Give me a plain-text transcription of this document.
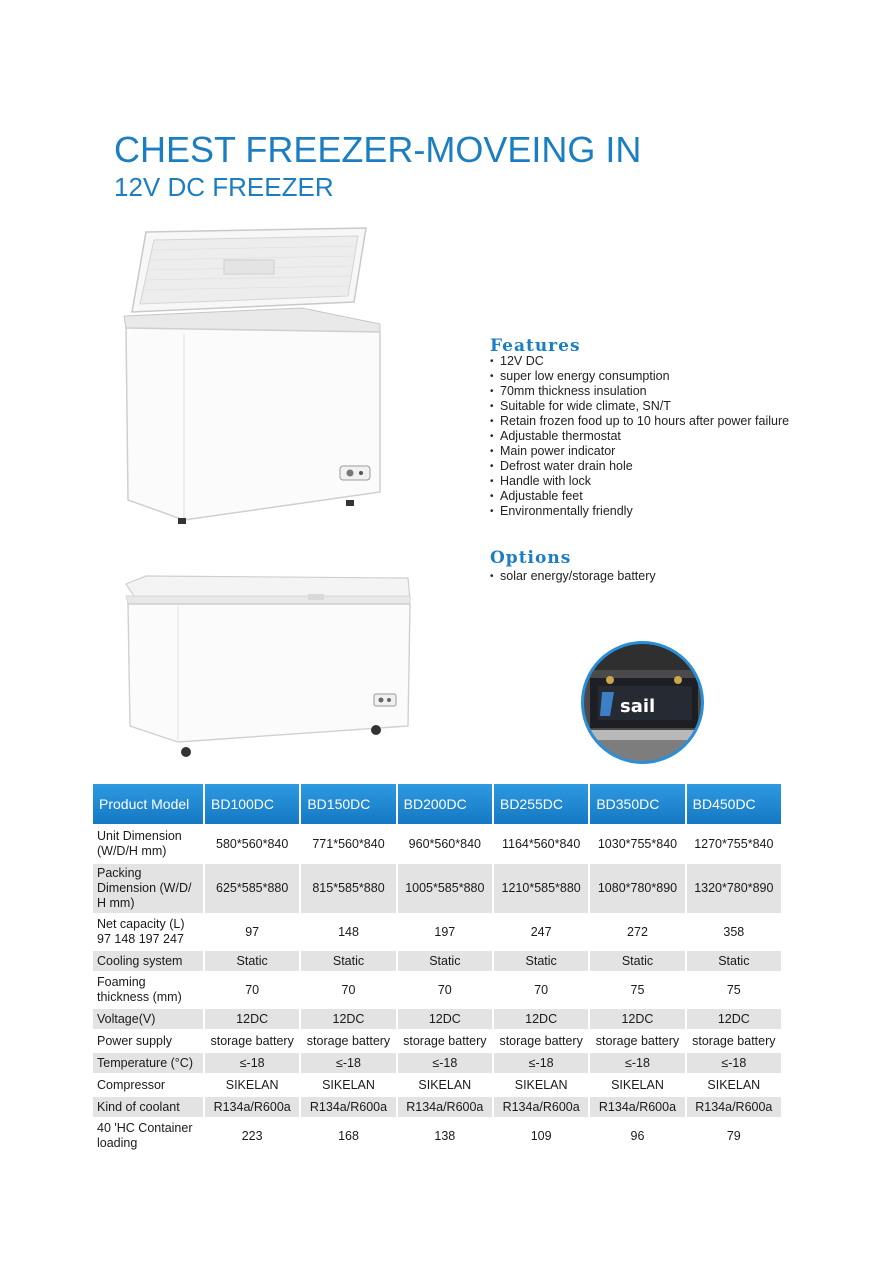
CHEST FREEZER-MOVEING IN
12V DC FREEZER
Features
• 12V DC
• super low energy consumption
• 70mm thickness insulation
• Suitable for wide climate, SN/T
• Retain frozen food up to 10 hours after power failure
• Adjustable thermostat
• Main power indicator
• Defrost water drain hole
• Handle with lock
• Adjustable feet
• Environmentally friendly
Options
• solar energy/storage battery
sail
Product Model	BD100DC	BD150DC	BD200DC	BD255DC	BD350DC	BD450DC
Unit Dimension (W/D/H mm)	580*560*840	771*560*840	960*560*840	1164*560*840	1030*755*840	1270*755*840
Packing Dimension (W/D/ H mm)	625*585*880	815*585*880	1005*585*880	1210*585*880	1080*780*890	1320*780*890
Net capacity (L) 97 148 197 247	97	148	197	247	272	358
Cooling system	Static	Static	Static	Static	Static	Static
Foaming thickness (mm)	70	70	70	70	75	75
Voltage(V)	12DC	12DC	12DC	12DC	12DC	12DC
Power supply	storage battery	storage battery	storage battery	storage battery	storage battery	storage battery
Temperature (°C)	≤-18	≤-18	≤-18	≤-18	≤-18	≤-18
Compressor	SIKELAN	SIKELAN	SIKELAN	SIKELAN	SIKELAN	SIKELAN
Kind of coolant	R134a/R600a	R134a/R600a	R134a/R600a	R134a/R600a	R134a/R600a	R134a/R600a
40 'HC Container loading	223	168	138	109	96	79
